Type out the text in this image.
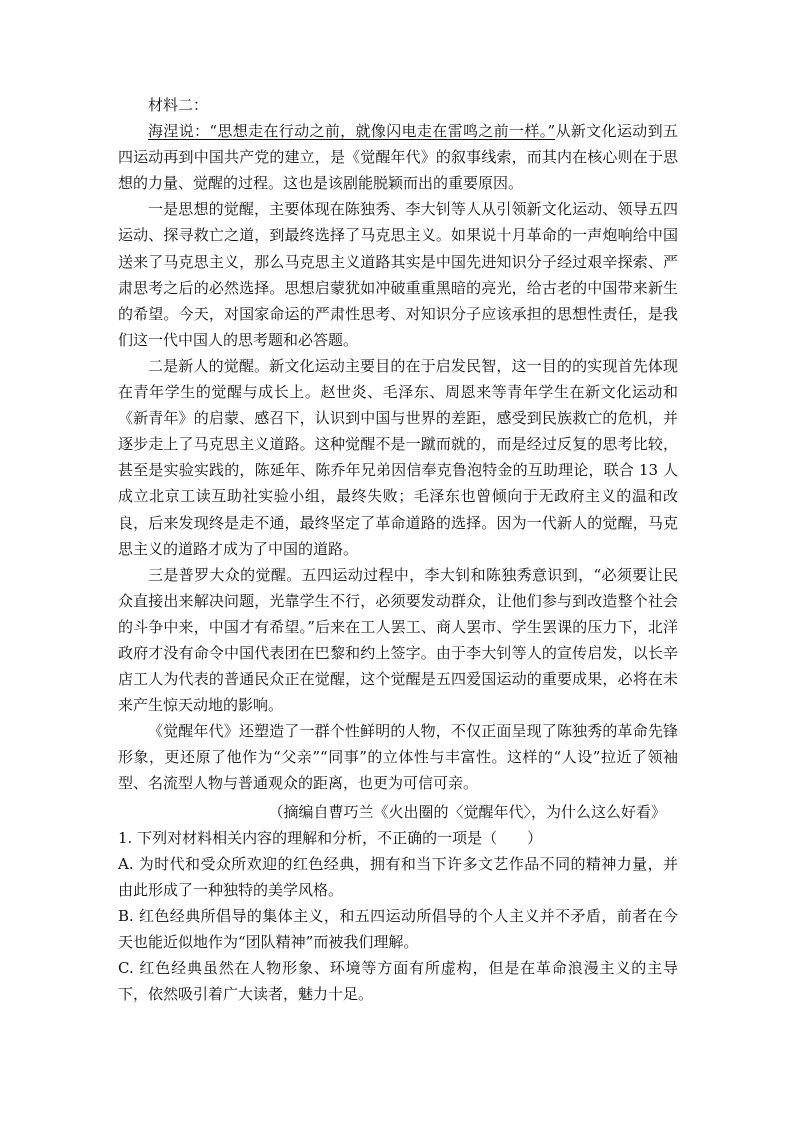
材料二：

海涅说：“思想走在行动之前，就像闪电走在雷鸣之前一样。”从新文化运动到五四运动再到中国共产党的建立，是《觉醒年代》的叙事线索，而其内在核心则在于思想的力量、觉醒的过程。这也是该剧能脱颖而出的重要原因。

一是思想的觉醒，主要体现在陈独秀、李大钊等人从引领新文化运动、领导五四运动、探寻救亡之道，到最终选择了马克思主义。如果说十月革命的一声炮响给中国送来了马克思主义，那么马克思主义道路其实是中国先进知识分子经过艰辛探索、严肃思考之后的必然选择。思想启蒙犹如冲破重重黑暗的亮光，给古老的中国带来新生的希望。今天，对国家命运的严肃性思考、对知识分子应该承担的思想性责任，是我们这一代中国人的思考题和必答题。

二是新人的觉醒。新文化运动主要目的在于启发民智，这一目的的实现首先体现在青年学生的觉醒与成长上。赵世炎、毛泽东、周恩来等青年学生在新文化运动和《新青年》的启蒙、感召下，认识到中国与世界的差距，感受到民族救亡的危机，并逐步走上了马克思主义道路。这种觉醒不是一蹴而就的，而是经过反复的思考比较，甚至是实验实践的，陈延年、陈乔年兄弟因信奉克鲁泡特金的互助理论，联合 13 人成立北京工读互助社实验小组，最终失败；毛泽东也曾倾向于无政府主义的温和改良，后来发现终是走不通，最终坚定了革命道路的选择。因为一代新人的觉醒，马克思主义的道路才成为了中国的道路。

三是普罗大众的觉醒。五四运动过程中，李大钊和陈独秀意识到，“必须要让民众直接出来解决问题，光靠学生不行，必须要发动群众，让他们参与到改造整个社会的斗争中来，中国才有希望。”后来在工人罢工、商人罢市、学生罢课的压力下，北洋政府才没有命令中国代表团在巴黎和约上签字。由于李大钊等人的宣传启发，以长辛店工人为代表的普通民众正在觉醒，这个觉醒是五四爱国运动的重要成果，必将在未来产生惊天动地的影响。

《觉醒年代》还塑造了一群个性鲜明的人物，不仅正面呈现了陈独秀的革命先锋形象，更还原了他作为“父亲”“同事”的立体性与丰富性。这样的“人设”拉近了领袖型、名流型人物与普通观众的距离，也更为可信可亲。

（摘编自曹巧兰《火出圈的〈觉醒年代〉，为什么这么好看》

1. 下列对材料相关内容的理解和分析，不正确的一项是（　　）

A. 为时代和受众所欢迎的红色经典，拥有和当下许多文艺作品不同的精神力量，并由此形成了一种独特的美学风格。

B. 红色经典所倡导的集体主义，和五四运动所倡导的个人主义并不矛盾，前者在今天也能近似地作为“团队精神”而被我们理解。

C. 红色经典虽然在人物形象、环境等方面有所虚构，但是在革命浪漫主义的主导下，依然吸引着广大读者，魅力十足。
